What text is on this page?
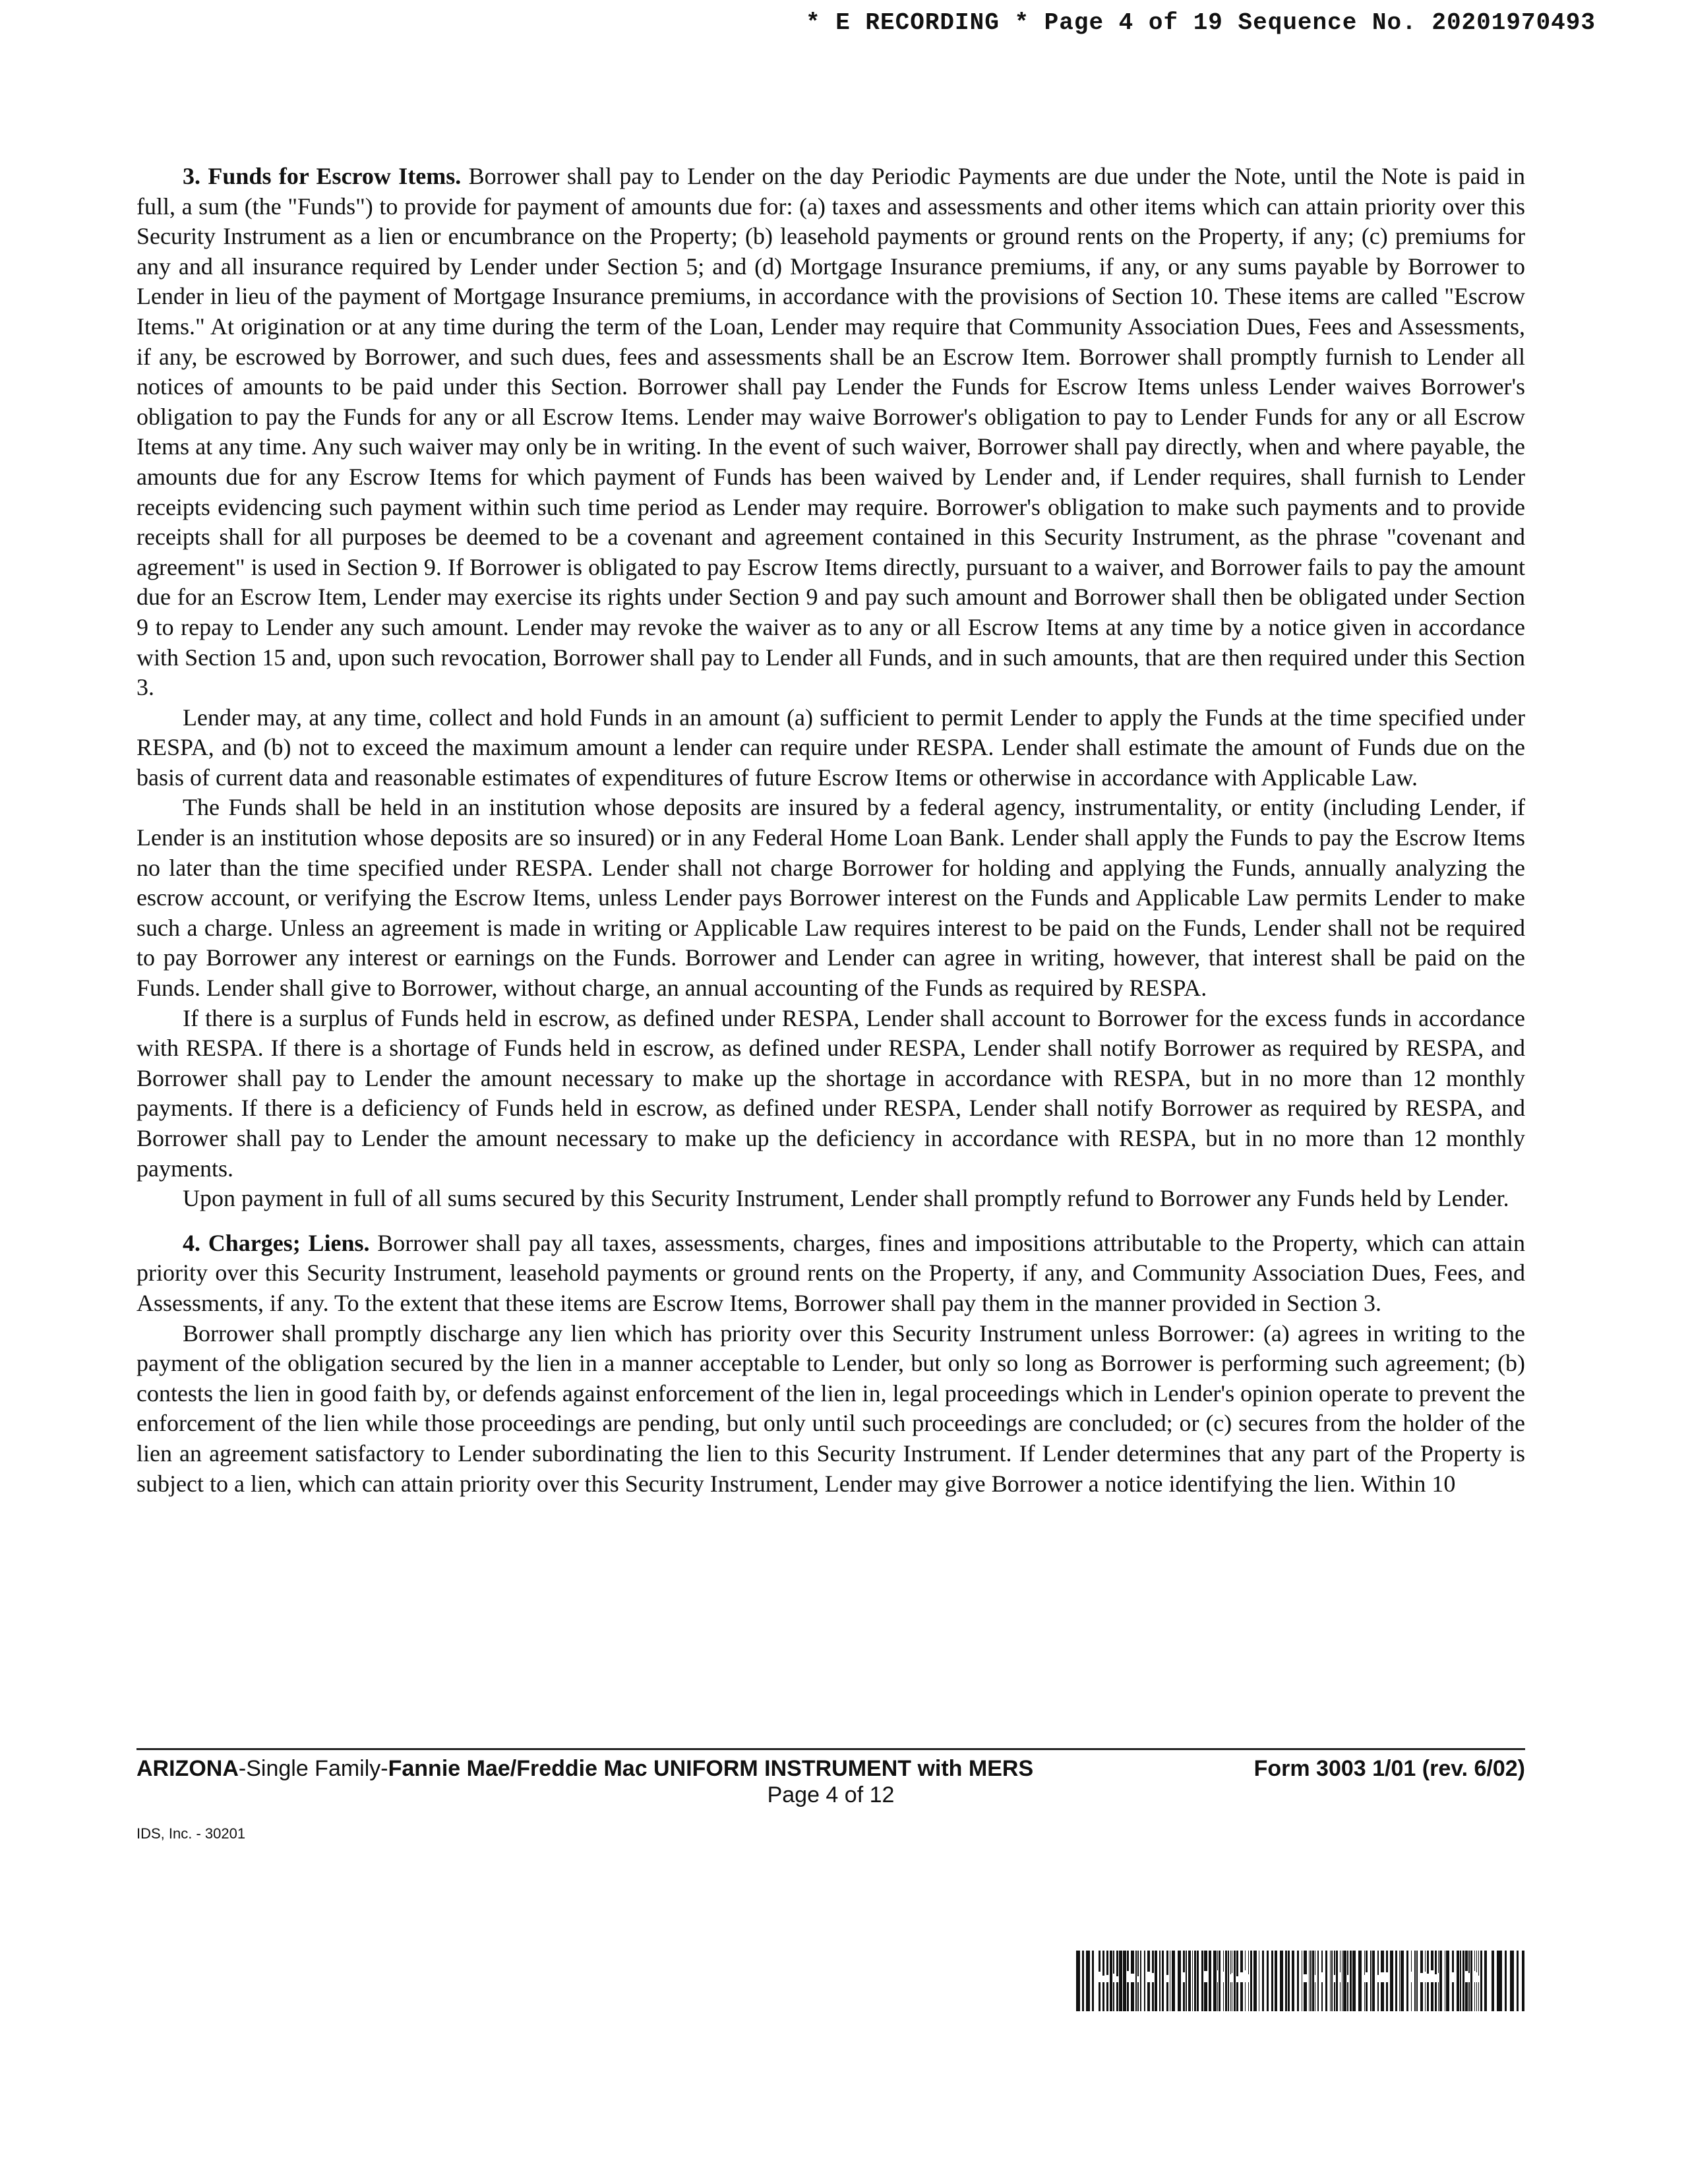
* E RECORDING * Page 4 of 19 Sequence No. 20201970493

3. Funds for Escrow Items. Borrower shall pay to Lender on the day Periodic Payments are due under the Note, until the Note is paid in full, a sum (the "Funds") to provide for payment of amounts due for: (a) taxes and assessments and other items which can attain priority over this Security Instrument as a lien or encumbrance on the Property; (b) leasehold payments or ground rents on the Property, if any; (c) premiums for any and all insurance required by Lender under Section 5; and (d) Mortgage Insurance premiums, if any, or any sums payable by Borrower to Lender in lieu of the payment of Mortgage Insurance premiums, in accordance with the provisions of Section 10. These items are called "Escrow Items." At origination or at any time during the term of the Loan, Lender may require that Community Association Dues, Fees and Assessments, if any, be escrowed by Borrower, and such dues, fees and assessments shall be an Escrow Item. Borrower shall promptly furnish to Lender all notices of amounts to be paid under this Section. Borrower shall pay Lender the Funds for Escrow Items unless Lender waives Borrower's obligation to pay the Funds for any or all Escrow Items. Lender may waive Borrower's obligation to pay to Lender Funds for any or all Escrow Items at any time. Any such waiver may only be in writing. In the event of such waiver, Borrower shall pay directly, when and where payable, the amounts due for any Escrow Items for which payment of Funds has been waived by Lender and, if Lender requires, shall furnish to Lender receipts evidencing such payment within such time period as Lender may require. Borrower's obligation to make such payments and to provide receipts shall for all purposes be deemed to be a covenant and agreement contained in this Security Instrument, as the phrase "covenant and agreement" is used in Section 9. If Borrower is obligated to pay Escrow Items directly, pursuant to a waiver, and Borrower fails to pay the amount due for an Escrow Item, Lender may exercise its rights under Section 9 and pay such amount and Borrower shall then be obligated under Section 9 to repay to Lender any such amount. Lender may revoke the waiver as to any or all Escrow Items at any time by a notice given in accordance with Section 15 and, upon such revocation, Borrower shall pay to Lender all Funds, and in such amounts, that are then required under this Section 3.

Lender may, at any time, collect and hold Funds in an amount (a) sufficient to permit Lender to apply the Funds at the time specified under RESPA, and (b) not to exceed the maximum amount a lender can require under RESPA. Lender shall estimate the amount of Funds due on the basis of current data and reasonable estimates of expenditures of future Escrow Items or otherwise in accordance with Applicable Law.

The Funds shall be held in an institution whose deposits are insured by a federal agency, instrumentality, or entity (including Lender, if Lender is an institution whose deposits are so insured) or in any Federal Home Loan Bank. Lender shall apply the Funds to pay the Escrow Items no later than the time specified under RESPA. Lender shall not charge Borrower for holding and applying the Funds, annually analyzing the escrow account, or verifying the Escrow Items, unless Lender pays Borrower interest on the Funds and Applicable Law permits Lender to make such a charge. Unless an agreement is made in writing or Applicable Law requires interest to be paid on the Funds, Lender shall not be required to pay Borrower any interest or earnings on the Funds. Borrower and Lender can agree in writing, however, that interest shall be paid on the Funds. Lender shall give to Borrower, without charge, an annual accounting of the Funds as required by RESPA.

If there is a surplus of Funds held in escrow, as defined under RESPA, Lender shall account to Borrower for the excess funds in accordance with RESPA. If there is a shortage of Funds held in escrow, as defined under RESPA, Lender shall notify Borrower as required by RESPA, and Borrower shall pay to Lender the amount necessary to make up the shortage in accordance with RESPA, but in no more than 12 monthly payments. If there is a deficiency of Funds held in escrow, as defined under RESPA, Lender shall notify Borrower as required by RESPA, and Borrower shall pay to Lender the amount necessary to make up the deficiency in accordance with RESPA, but in no more than 12 monthly payments.

Upon payment in full of all sums secured by this Security Instrument, Lender shall promptly refund to Borrower any Funds held by Lender.

4. Charges; Liens. Borrower shall pay all taxes, assessments, charges, fines and impositions attributable to the Property, which can attain priority over this Security Instrument, leasehold payments or ground rents on the Property, if any, and Community Association Dues, Fees, and Assessments, if any. To the extent that these items are Escrow Items, Borrower shall pay them in the manner provided in Section 3.

Borrower shall promptly discharge any lien which has priority over this Security Instrument unless Borrower: (a) agrees in writing to the payment of the obligation secured by the lien in a manner acceptable to Lender, but only so long as Borrower is performing such agreement; (b) contests the lien in good faith by, or defends against enforcement of the lien in, legal proceedings which in Lender's opinion operate to prevent the enforcement of the lien while those proceedings are pending, but only until such proceedings are concluded; or (c) secures from the holder of the lien an agreement satisfactory to Lender subordinating the lien to this Security Instrument. If Lender determines that any part of the Property is subject to a lien, which can attain priority over this Security Instrument, Lender may give Borrower a notice identifying the lien. Within 10

ARIZONA-Single Family-Fannie Mae/Freddie Mac UNIFORM INSTRUMENT with MERS	Form 3003 1/01 (rev. 6/02)
Page 4 of 12
IDS, Inc. - 30201
